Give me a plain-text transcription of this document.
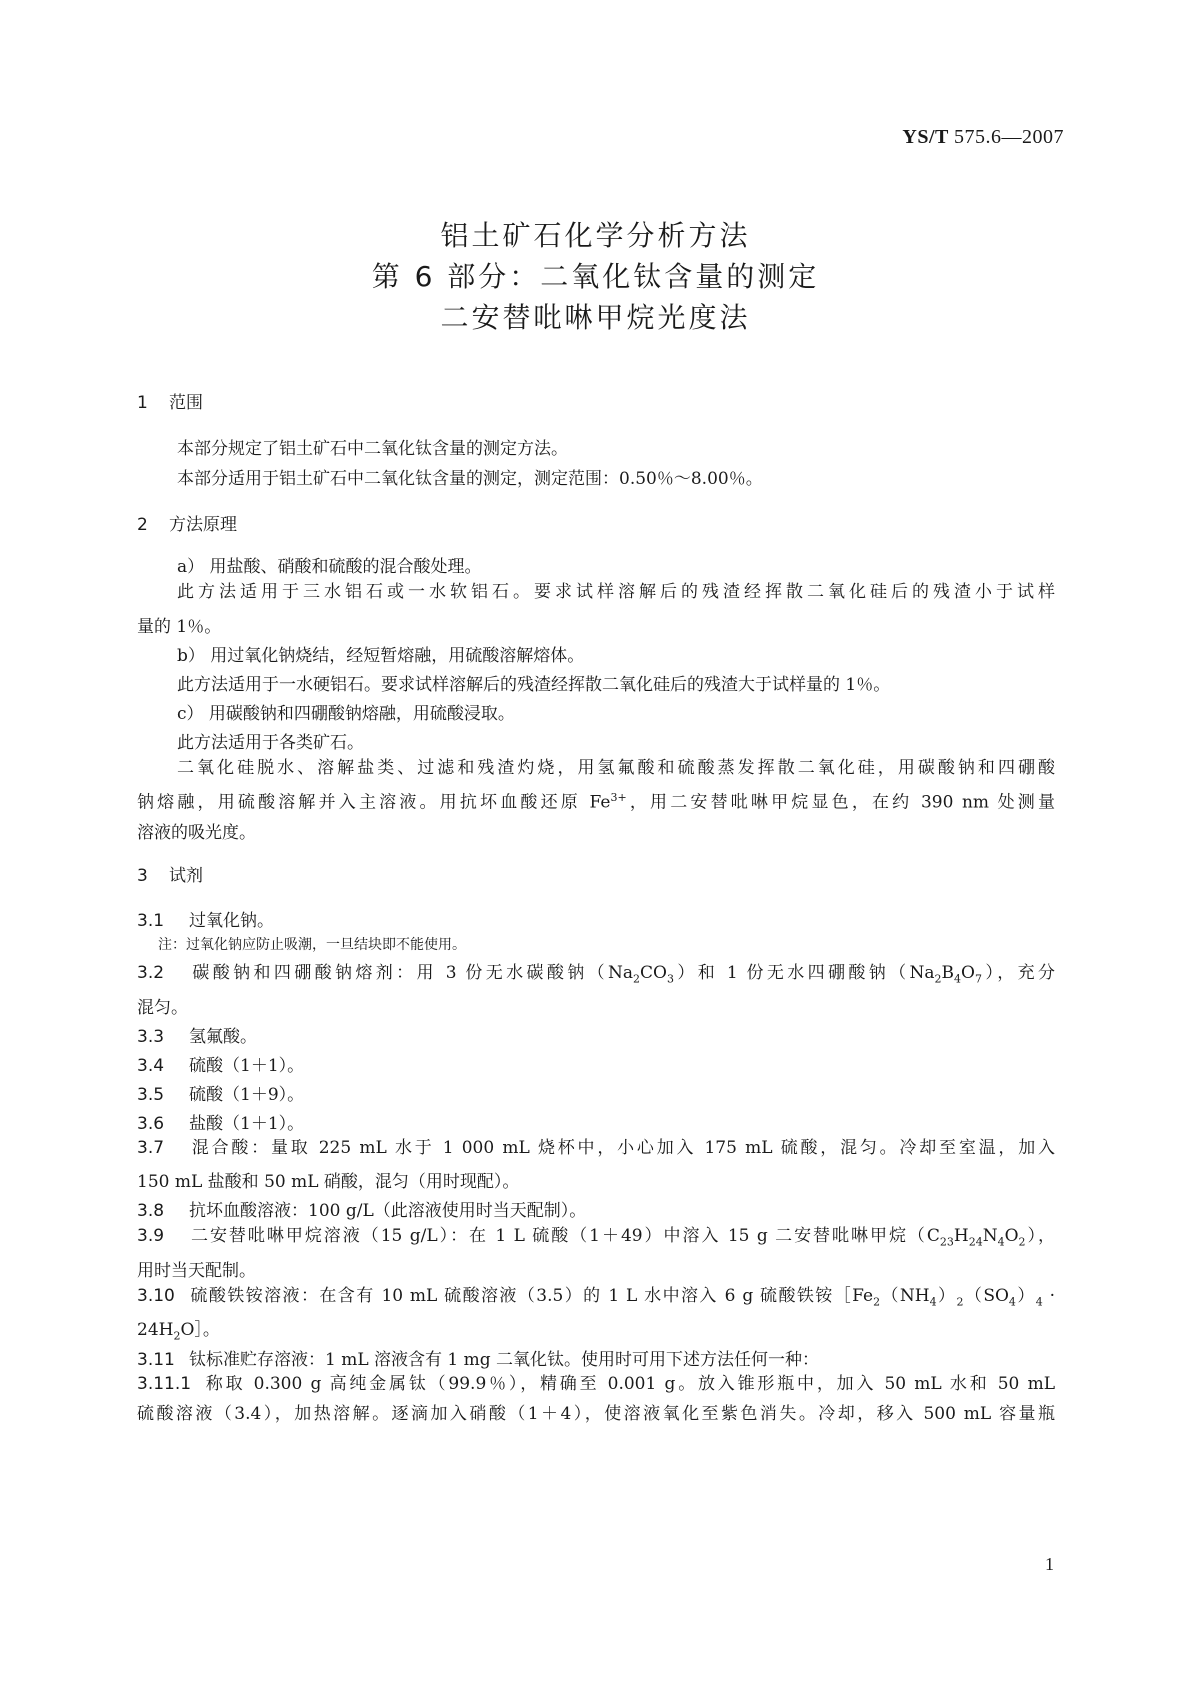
YS/T 575.6—2007
铝土矿石化学分析方法
第 6 部分：二氧化钛含量的测定
二安替吡啉甲烷光度法
1 范围
本部分规定了铝土矿石中二氧化钛含量的测定方法。
本部分适用于铝土矿石中二氧化钛含量的测定，测定范围：0.50％～8.00％。
2 方法原理
a） 用盐酸、硝酸和硫酸的混合酸处理。
此方法适用于三水铝石或一水软铝石。要求试样溶解后的残渣经挥散二氧化硅后的残渣小于试样
量的 1％。
b） 用过氧化钠烧结，经短暂熔融，用硫酸溶解熔体。
此方法适用于一水硬铝石。要求试样溶解后的残渣经挥散二氧化硅后的残渣大于试样量的 1％。
c） 用碳酸钠和四硼酸钠熔融，用硫酸浸取。
此方法适用于各类矿石。
二氧化硅脱水、溶解盐类、过滤和残渣灼烧，用氢氟酸和硫酸蒸发挥散二氧化硅，用碳酸钠和四硼酸
钠熔融，用硫酸溶解并入主溶液。用抗坏血酸还原 $Fe^{3+}$，用二安替吡啉甲烷显色，在约 390 nm 处测量
溶液的吸光度。
3 试剂
3.1 过氧化钠。
注：过氧化钠应防止吸潮，一旦结块即不能使用。
3.2 碳酸钠和四硼酸钠熔剂：用 3 份无水碳酸钠$(Na_2CO_3)$和 1 份无水四硼酸钠$(Na_2B_4O_7)$，充分
混匀。
3.3 氢氟酸。
3.4 硫酸（1＋1）。
3.5 硫酸（1＋9）。
3.6 盐酸（1＋1）。
3.7 混合酸：量取 225 mL 水于 1 000 mL 烧杯中，小心加入 175 mL 硫酸，混匀。冷却至室温，加入
150 mL 盐酸和 50 mL 硝酸，混匀（用时现配）。
3.8 抗坏血酸溶液：100 g/L（此溶液使用时当天配制）。
3.9 二安替吡啉甲烷溶液（15 g/L）：在 1 L 硫酸（1＋49）中溶入 15 g 二安替吡啉甲烷$(C_{23}H_{24}N_4O_2)$，
用时当天配制。
3.10 硫酸铁铵溶液：在含有 10 mL 硫酸溶液（3.5）的 1 L 水中溶入 6 g 硫酸铁铵$[Fe_2(NH_4)_2(SO_4)_4$ ·
$24H_2O]$。
3.11 钛标准贮存溶液：1 mL 溶液含有 1 mg 二氧化钛。使用时可用下述方法任何一种：
3.11.1 称取 0.300 g 高纯金属钛（99.9％），精确至 0.001 g。放入锥形瓶中，加入 50 mL 水和 50 mL
硫酸溶液（3.4），加热溶解。逐滴加入硝酸（1＋4），使溶液氧化至紫色消失。冷却，移入 500 mL 容量瓶
1
